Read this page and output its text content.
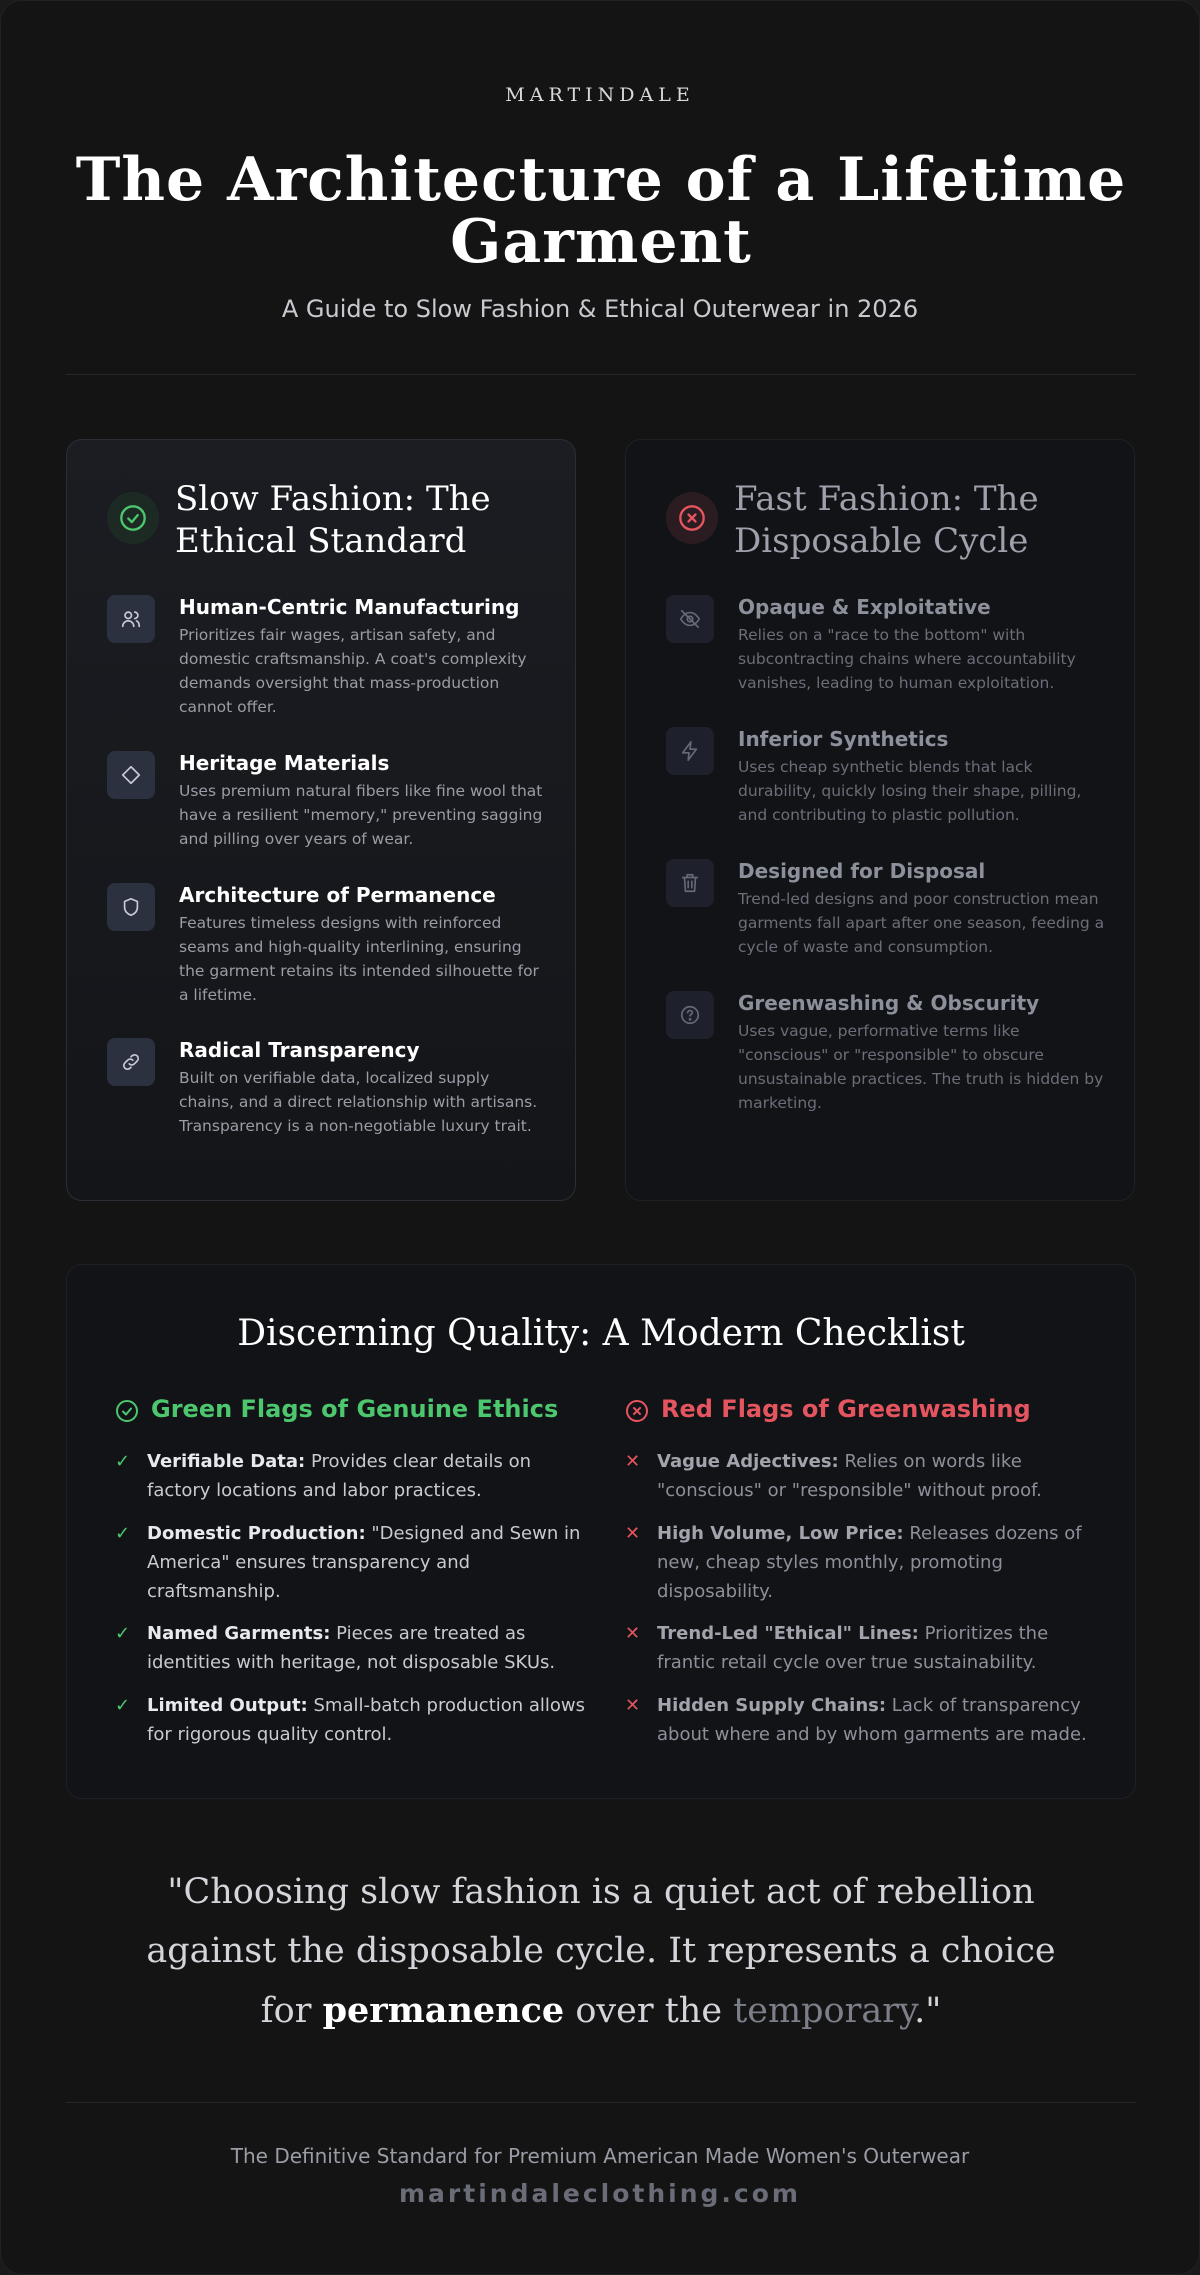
MARTINDALE
The Architecture of a Lifetime Garment
A Guide to Slow Fashion & Ethical Outerwear in 2026
Slow Fashion: The Ethical Standard
Human-Centric Manufacturing
Prioritizes fair wages, artisan safety, and domestic craftsmanship. A coat's complexity demands oversight that mass-production cannot offer.
Heritage Materials
Uses premium natural fibers like fine wool that have a resilient "memory," preventing sagging and pilling over years of wear.
Architecture of Permanence
Features timeless designs with reinforced seams and high-quality interlining, ensuring the garment retains its intended silhouette for a lifetime.
Radical Transparency
Built on verifiable data, localized supply chains, and a direct relationship with artisans. Transparency is a non-negotiable luxury trait.
Fast Fashion: The Disposable Cycle
Opaque & Exploitative
Relies on a "race to the bottom" with subcontracting chains where accountability vanishes, leading to human exploitation.
Inferior Synthetics
Uses cheap synthetic blends that lack durability, quickly losing their shape, pilling, and contributing to plastic pollution.
Designed for Disposal
Trend-led designs and poor construction mean garments fall apart after one season, feeding a cycle of waste and consumption.
Greenwashing & Obscurity
Uses vague, performative terms like "conscious" or "responsible" to obscure unsustainable practices. The truth is hidden by marketing.
Discerning Quality: A Modern Checklist
Green Flags of Genuine Ethics
✓ Verifiable Data: Provides clear details on factory locations and labor practices.
✓ Domestic Production: "Designed and Sewn in America" ensures transparency and craftsmanship.
✓ Named Garments: Pieces are treated as identities with heritage, not disposable SKUs.
✓ Limited Output: Small-batch production allows for rigorous quality control.
Red Flags of Greenwashing
✕ Vague Adjectives: Relies on words like "conscious" or "responsible" without proof.
✕ High Volume, Low Price: Releases dozens of new, cheap styles monthly, promoting disposability.
✕ Trend-Led "Ethical" Lines: Prioritizes the frantic retail cycle over true sustainability.
✕ Hidden Supply Chains: Lack of transparency about where and by whom garments are made.
"Choosing slow fashion is a quiet act of rebellion against the disposable cycle. It represents a choice for permanence over the temporary."
The Definitive Standard for Premium American Made Women's Outerwear
martindaleclothing.com
